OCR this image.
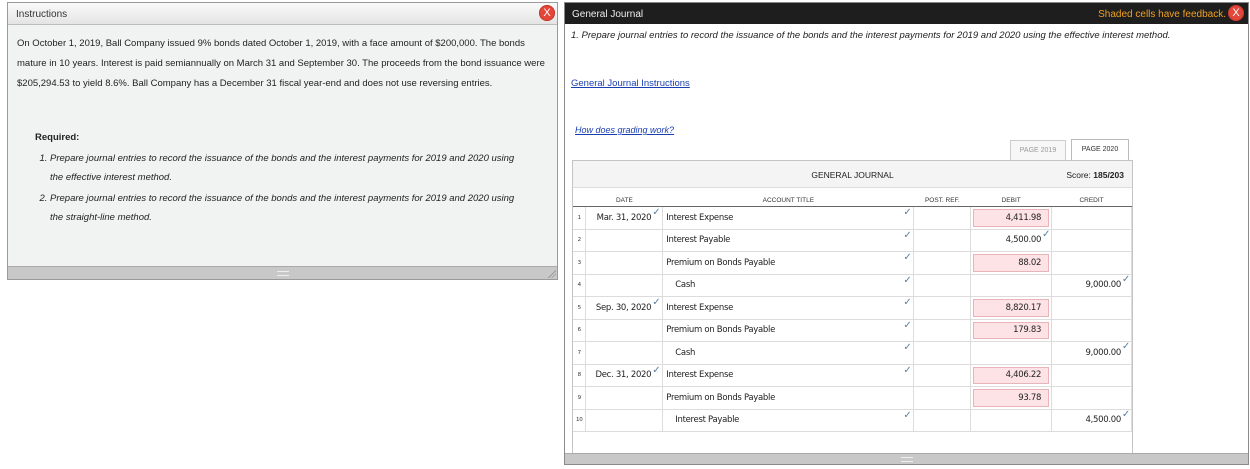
Instructions	X

On October 1, 2019, Ball Company issued 9% bonds dated October 1, 2019, with a face amount of $200,000. The bonds mature in 10 years. Interest is paid semiannually on March 31 and September 30. The proceeds from the bond issuance were $205,294.53 to yield 8.6%. Ball Company has a December 31 fiscal year-end and does not use reversing entries.

Required:
1. Prepare journal entries to record the issuance of the bonds and the interest payments for 2019 and 2020 using the effective interest method.
2. Prepare journal entries to record the issuance of the bonds and the interest payments for 2019 and 2020 using the straight-line method.
General Journal	Shaded cells have feedback. X
1. Prepare journal entries to record the issuance of the bonds and the interest payments for 2019 and 2020 using the effective interest method.
General Journal Instructions
How does grading work?
PAGE 2019	PAGE 2020
GENERAL JOURNAL	Score: 185/203
	DATE	ACCOUNT TITLE	POST. REF.	DEBIT	CREDIT
1	Mar. 31, 2020 ✓	Interest Expense ✓		4,411.98	
2		Interest Payable ✓		4,500.00
✓	

3		Premium on Bonds Payable ✓		88.02	
4		Cash ✓			9,000.00
✓

5	Sep. 30, 2020 ✓	Interest Expense ✓		8,820.17	
6		Premium on Bonds Payable ✓		179.83	
7		Cash ✓			9,000.00
✓

8	Dec. 31, 2020 ✓	Interest Expense ✓		4,406.22	
9		Premium on Bonds Payable		93.78	
10		Interest Payable ✓			4,500.00
✓
